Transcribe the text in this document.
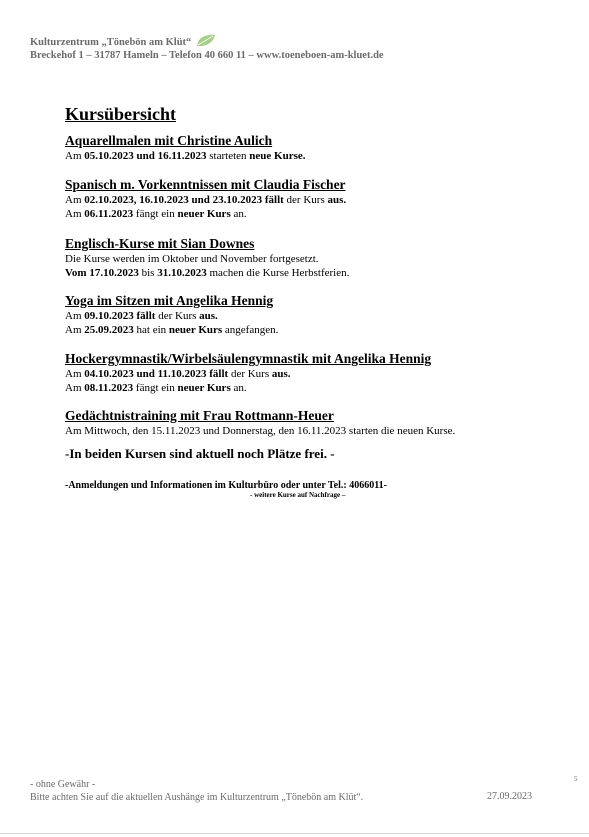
Kulturzentrum „Tönebön am Klüt“
Breckehof 1 – 31787 Hameln – Telefon 40 660 11 – www.toeneboen-am-kluet.de
Kursübersicht
Aquarellmalen mit Christine Aulich
Am 05.10.2023 und 16.11.2023 starteten neue Kurse.
Spanisch m. Vorkenntnissen mit Claudia Fischer
Am 02.10.2023, 16.10.2023 und 23.10.2023 fällt der Kurs aus.
Am 06.11.2023 fängt ein neuer Kurs an.
Englisch-Kurse mit Sian Downes
Die Kurse werden im Oktober und November fortgesetzt.
Vom 17.10.2023 bis 31.10.2023 machen die Kurse Herbstferien.
Yoga im Sitzen mit Angelika Hennig
Am 09.10.2023 fällt der Kurs aus.
Am 25.09.2023 hat ein neuer Kurs angefangen.
Hockergymnastik/Wirbelsäulengymnastik mit Angelika Hennig
Am 04.10.2023 und 11.10.2023 fällt der Kurs aus.
Am 08.11.2023 fängt ein neuer Kurs an.
Gedächtnistraining mit Frau Rottmann-Heuer
Am Mittwoch, den 15.11.2023 und Donnerstag, den 16.11.2023 starten die neuen Kurse.
-In beiden Kursen sind aktuell noch Plätze frei. -
-Anmeldungen und Informationen im Kulturbüro oder unter Tel.: 4066011-
- weitere Kurse auf Nachfrage –
5
- ohne Gewähr -
Bitte achten Sie auf die aktuellen Aushänge im Kulturzentrum „Tönebön am Klüt“.	27.09.2023
